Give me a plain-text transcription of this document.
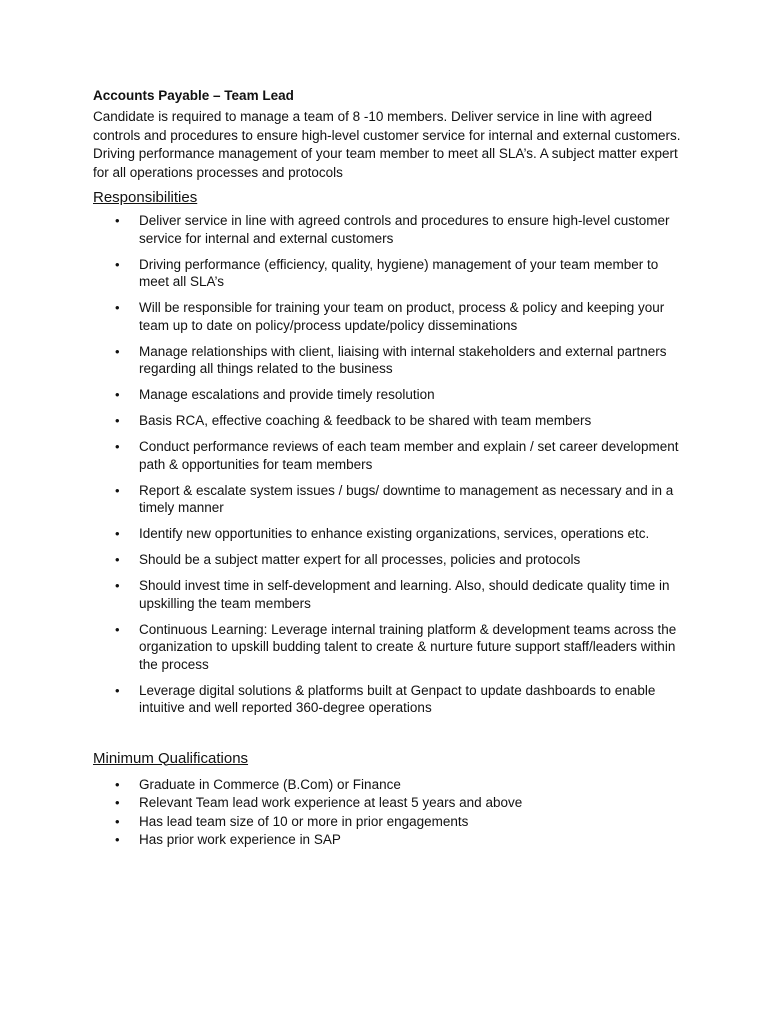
Accounts Payable – Team Lead

Candidate is required to manage a team of 8 -10 members. Deliver service in line with agreed controls and procedures to ensure high-level customer service for internal and external customers. Driving performance management of your team member to meet all SLA’s. A subject matter expert for all operations processes and protocols

Responsibilities

• Deliver service in line with agreed controls and procedures to ensure high-level customer service for internal and external customers
• Driving performance (efficiency, quality, hygiene) management of your team member to meet all SLA’s
• Will be responsible for training your team on product, process & policy and keeping your team up to date on policy/process update/policy disseminations
• Manage relationships with client, liaising with internal stakeholders and external partners regarding all things related to the business
• Manage escalations and provide timely resolution
• Basis RCA, effective coaching & feedback to be shared with team members
• Conduct performance reviews of each team member and explain / set career development path & opportunities for team members
• Report & escalate system issues / bugs/ downtime to management as necessary and in a timely manner
• Identify new opportunities to enhance existing organizations, services, operations etc.
• Should be a subject matter expert for all processes, policies and protocols
• Should invest time in self-development and learning. Also, should dedicate quality time in upskilling the team members
• Continuous Learning: Leverage internal training platform & development teams across the organization to upskill budding talent to create & nurture future support staff/leaders within the process
• Leverage digital solutions & platforms built at Genpact to update dashboards to enable intuitive and well reported 360-degree operations

Minimum Qualifications

• Graduate in Commerce (B.Com) or Finance
• Relevant Team lead work experience at least 5 years and above
• Has lead team size of 10 or more in prior engagements
• Has prior work experience in SAP
